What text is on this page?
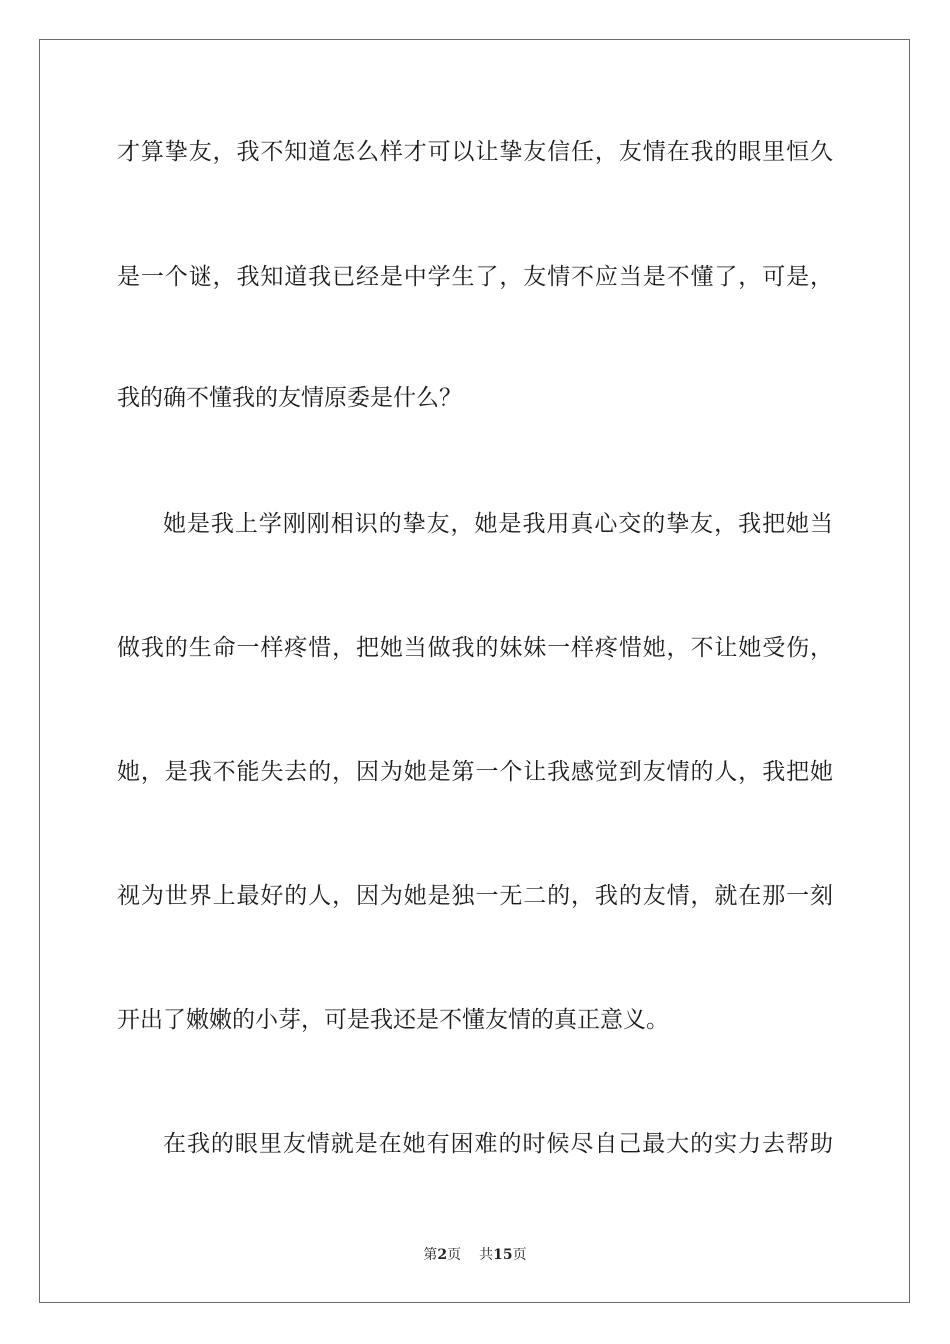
才算挚友，我不知道怎么样才可以让挚友信任，友情在我的眼里恒久
是一个谜，我知道我已经是中学生了，友情不应当是不懂了，可是，
我的确不懂我的友情原委是什么？
她是我上学刚刚相识的挚友，她是我用真心交的挚友，我把她当
做我的生命一样疼惜，把她当做我的妹妹一样疼惜她，不让她受伤，
她，是我不能失去的，因为她是第一个让我感觉到友情的人，我把她
视为世界上最好的人，因为她是独一无二的，我的友情，就在那一刻
开出了嫩嫩的小芽，可是我还是不懂友情的真正意义。
在我的眼里友情就是在她有困难的时候尽自己最大的实力去帮助
第2页 共15页
